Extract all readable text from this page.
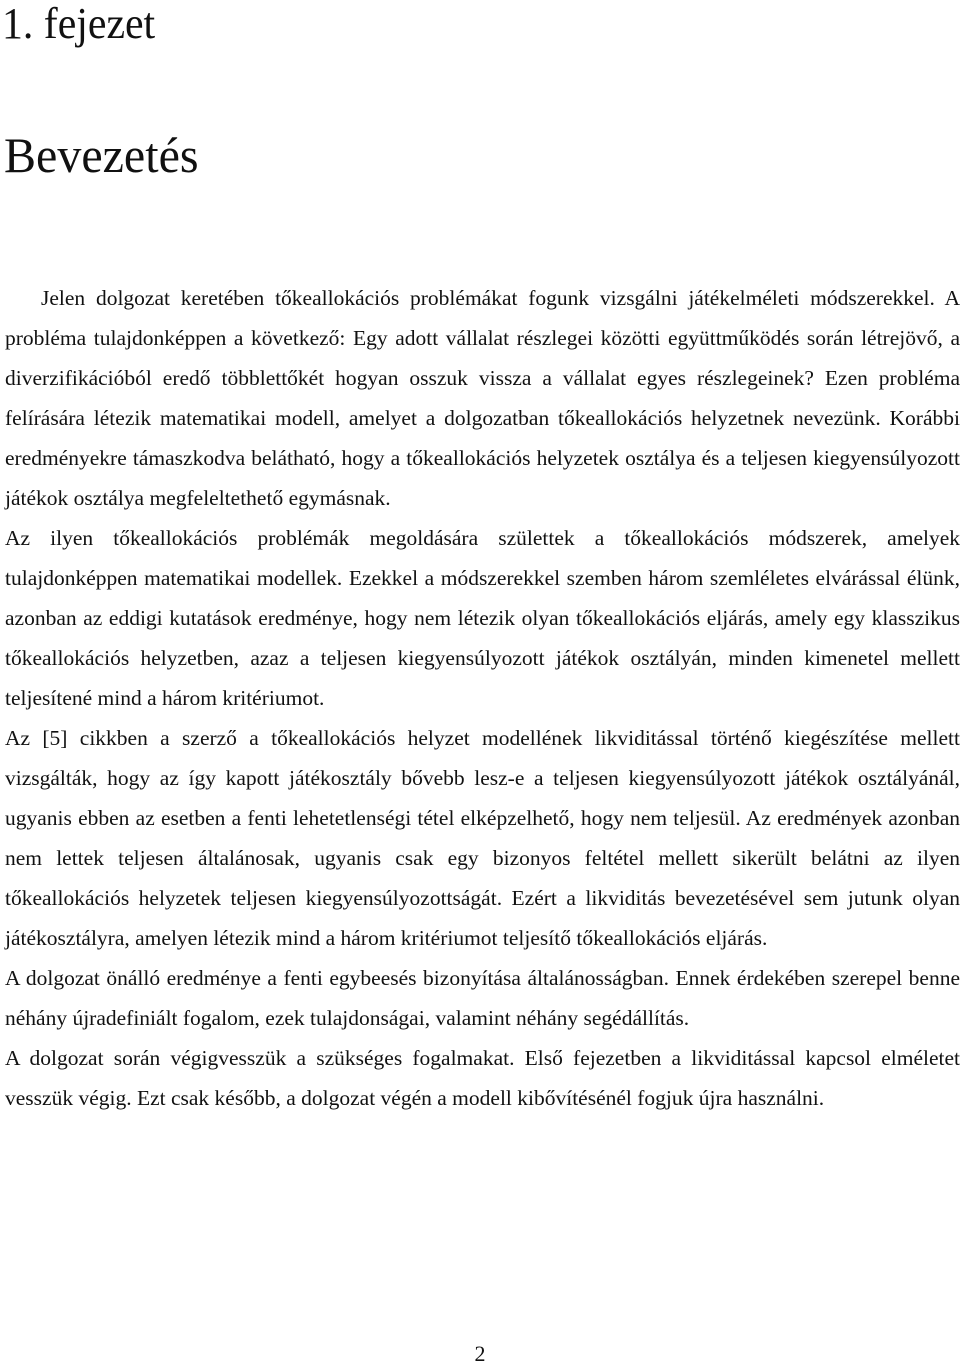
1. fejezet
Bevezetés

Jelen dolgozat keretében tőkeallokációs problémákat fogunk vizsgálni játékelméleti módszerekkel. A probléma tulajdonképpen a következő: Egy adott vállalat részlegei közötti együttműködés során létrejövő, a diverzifikációból eredő többlettőkét hogyan osszuk vissza a vállalat egyes részlegeinek? Ezen probléma felírására létezik matematikai modell, amelyet a dolgozatban tőkeallokációs helyzetnek nevezünk. Korábbi eredményekre támaszkodva belátható, hogy a tőkeallokációs helyzetek osztálya és a teljesen kiegyensúlyozott játékok osztálya megfeleltethető egymásnak.

Az ilyen tőkeallokációs problémák megoldására születtek a tőkeallokációs módszerek, amelyek tulajdonképpen matematikai modellek. Ezekkel a módszerekkel szemben három szemléletes elvárással élünk, azonban az eddigi kutatások eredménye, hogy nem létezik olyan tőkeallokációs eljárás, amely egy klasszikus tőkeallokációs helyzetben, azaz a teljesen kiegyensúlyozott játékok osztályán, minden kimenetel mellett teljesítené mind a három kritériumot.

Az [5] cikkben a szerző a tőkeallokációs helyzet modellének likviditással történő kiegészítése mellett vizsgálták, hogy az így kapott játékosztály bővebb lesz-e a teljesen kiegyensúlyozott játékok osztályánál, ugyanis ebben az esetben a fenti lehetetlenségi tétel elképzelhető, hogy nem teljesül. Az eredmények azonban nem lettek teljesen általánosak, ugyanis csak egy bizonyos feltétel mellett sikerült belátni az ilyen tőkeallokációs helyzetek teljesen kiegyensúlyozottságát. Ezért a likviditás bevezetésével sem jutunk olyan játékosztályra, amelyen létezik mind a három kritériumot teljesítő tőkeallokációs eljárás.

A dolgozat önálló eredménye a fenti egybeesés bizonyítása általánosságban. Ennek érdekében szerepel benne néhány újradefiniált fogalom, ezek tulajdonságai, valamint néhány segédállítás.

A dolgozat során végigvesszük a szükséges fogalmakat. Első fejezetben a likviditással kapcsol elméletet vesszük végig. Ezt csak később, a dolgozat végén a modell kibővítésénél fogjuk újra használni.

2
